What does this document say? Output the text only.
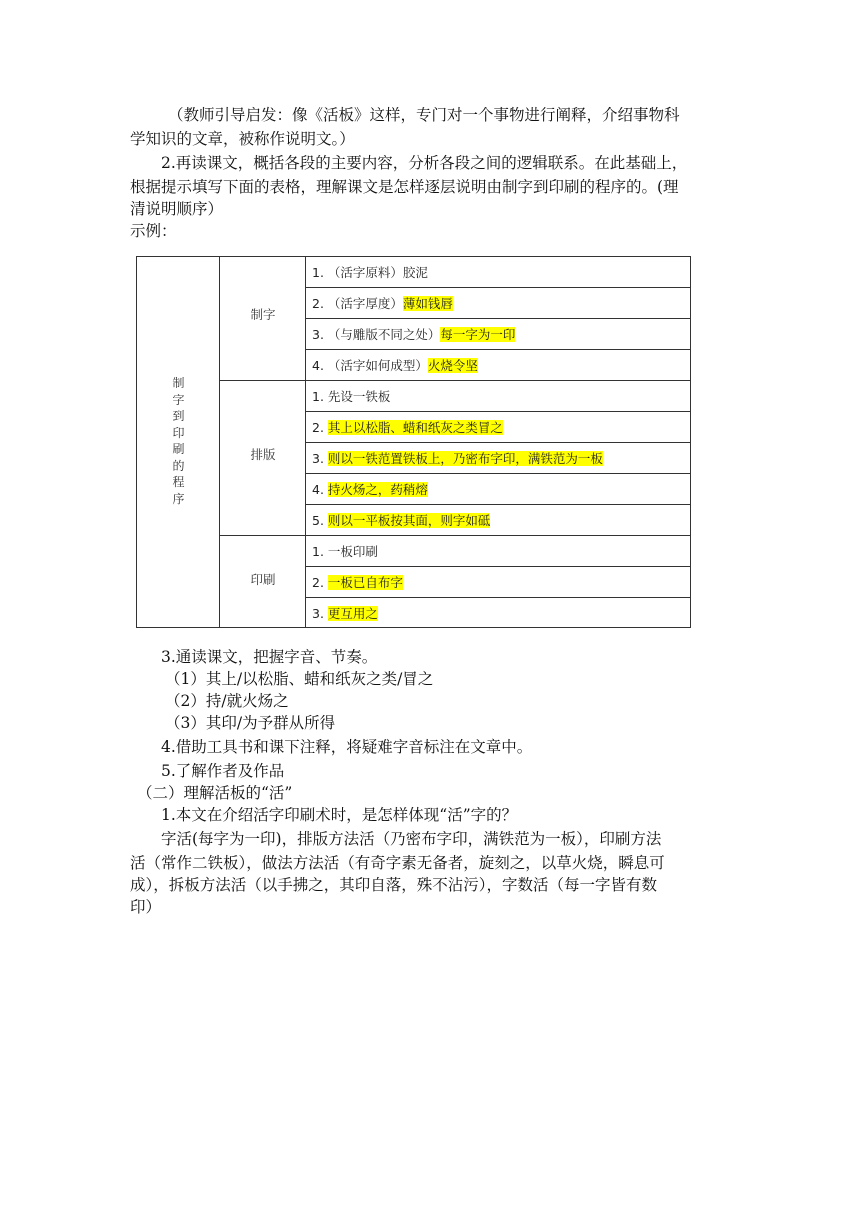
（教师引导启发：像《活板》这样，专门对一个事物进行阐释，介绍事物科
学知识的文章，被称作说明文。）
2.再读课文，概括各段的主要内容，分析各段之间的逻辑联系。在此基础上，
根据提示填写下面的表格，理解课文是怎样逐层说明由制字到印刷的程序的。(理
清说明顺序）
示例：
制
字
到
印
刷
的
程
序
制字
1. （活字原料）胶泥
2. （活字厚度）薄如钱唇
3. （与雕版不同之处）每一字为一印
4. （活字如何成型）火烧令坚
排版
1. 先设一铁板
2. 其上以松脂、蜡和纸灰之类冒之
3. 则以一铁范置铁板上，乃密布字印，满铁范为一板
4. 持火炀之，药稍熔
5. 则以一平板按其面，则字如砥
印刷
1. 一板印刷
2. 一板已自布字
3. 更互用之
3.通读课文，把握字音、节奏。
（1）其上/以松脂、蜡和纸灰之类/冒之
（2）持/就火炀之
（3）其印/为予群从所得
4.借助工具书和课下注释，将疑难字音标注在文章中。
5.了解作者及作品
（二）理解活板的“活”
1.本文在介绍活字印刷术时，是怎样体现“活”字的？
字活(每字为一印)，排版方法活（乃密布字印，满铁范为一板），印刷方法
活（常作二铁板），做法方法活（有奇字素无备者，旋刻之，以草火烧，瞬息可
成），拆板方法活（以手拂之，其印自落，殊不沾污），字数活（每一字皆有数
印）
